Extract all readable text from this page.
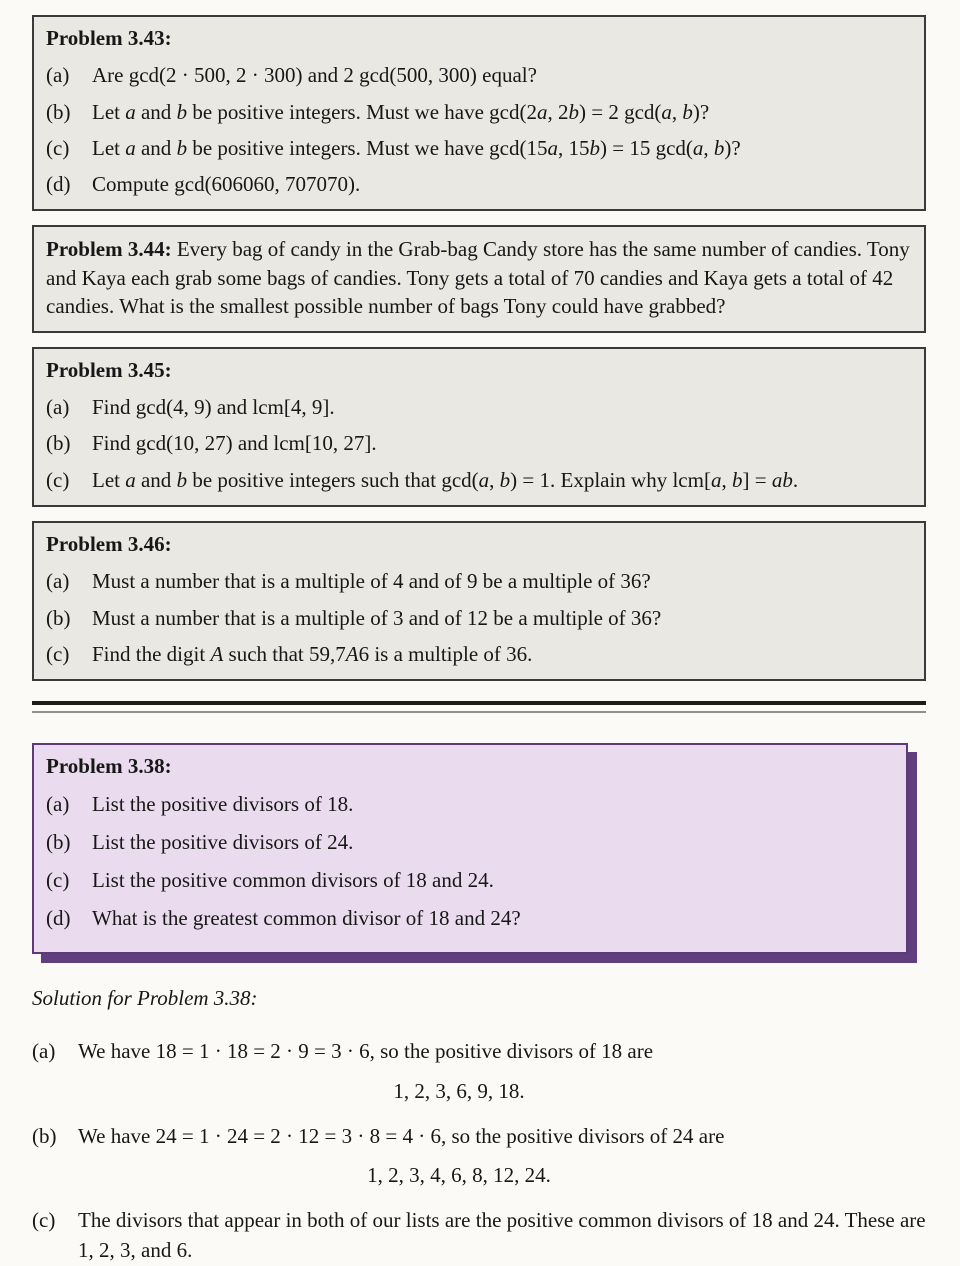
Problem 3.43:
(a)	Are gcd(2 · 500, 2 · 300) and 2 gcd(500, 300) equal?
(b)	Let a and b be positive integers. Must we have gcd(2a, 2b) = 2 gcd(a, b)?
(c)	Let a and b be positive integers. Must we have gcd(15a, 15b) = 15 gcd(a, b)?
(d)	Compute gcd(606060, 707070).

Problem 3.44: Every bag of candy in the Grab-bag Candy store has the same number of candies. Tony and Kaya each grab some bags of candies. Tony gets a total of 70 candies and Kaya gets a total of 42 candies. What is the smallest possible number of bags Tony could have grabbed?

Problem 3.45:
(a)	Find gcd(4, 9) and lcm[4, 9].
(b)	Find gcd(10, 27) and lcm[10, 27].
(c)	Let a and b be positive integers such that gcd(a, b) = 1. Explain why lcm[a, b] = ab.
Problem 3.46:
(a)	Must a number that is a multiple of 4 and of 9 be a multiple of 36?
(b)	Must a number that is a multiple of 3 and of 12 be a multiple of 36?
(c)	Find the digit A such that 59,7A6 is a multiple of 36.
Problem 3.38:
(a)	List the positive divisors of 18.
(b)	List the positive divisors of 24.
(c)	List the positive common divisors of 18 and 24.
(d)	What is the greatest common divisor of 18 and 24?
Solution for Problem 3.38:
(a)	We have 18 = 1 · 18 = 2 · 9 = 3 · 6, so the positive divisors of 18 are
1, 2, 3, 6, 9, 18.
(b)	We have 24 = 1 · 24 = 2 · 12 = 3 · 8 = 4 · 6, so the positive divisors of 24 are
1, 2, 3, 4, 6, 8, 12, 24.
(c)	The divisors that appear in both of our lists are the positive common divisors of 18 and 24. These are 1, 2, 3, and 6.
